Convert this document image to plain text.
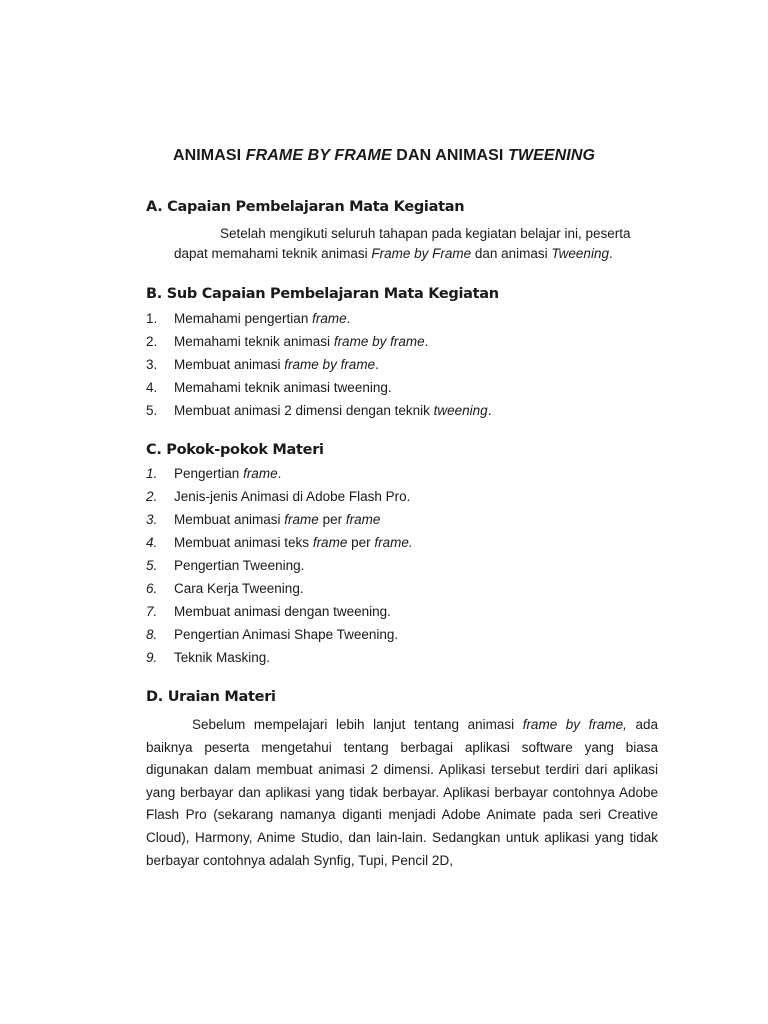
ANIMASI FRAME BY FRAME DAN ANIMASI TWEENING
A. Capaian Pembelajaran Mata Kegiatan
Setelah mengikuti seluruh tahapan pada kegiatan belajar ini, peserta
dapat memahami teknik animasi Frame by Frame dan animasi Tweening.
B. Sub Capaian Pembelajaran Mata Kegiatan
1.	Memahami pengertian frame.
2.	Memahami teknik animasi frame by frame.
3.	Membuat animasi frame by frame.
4.	Memahami teknik animasi tweening.
5.	Membuat animasi 2 dimensi dengan teknik tweening.
C. Pokok-pokok Materi
1.	Pengertian frame.
2.	Jenis-jenis Animasi di Adobe Flash Pro.
3.	Membuat animasi frame per frame
4.	Membuat animasi teks frame per frame.
5.	Pengertian Tweening.
6.	Cara Kerja Tweening.
7.	Membuat animasi dengan tweening.
8.	Pengertian Animasi Shape Tweening.
9.	Teknik Masking.
D. Uraian Materi
Sebelum mempelajari lebih lanjut tentang animasi frame by frame, ada baiknya peserta mengetahui tentang berbagai aplikasi software yang biasa digunakan dalam membuat animasi 2 dimensi. Aplikasi tersebut terdiri dari aplikasi yang berbayar dan aplikasi yang tidak berbayar. Aplikasi berbayar contohnya Adobe Flash Pro (sekarang namanya diganti menjadi Adobe Animate pada seri Creative Cloud), Harmony, Anime Studio, dan lain-lain. Sedangkan untuk aplikasi yang tidak berbayar contohnya adalah Synfig, Tupi, Pencil 2D,
